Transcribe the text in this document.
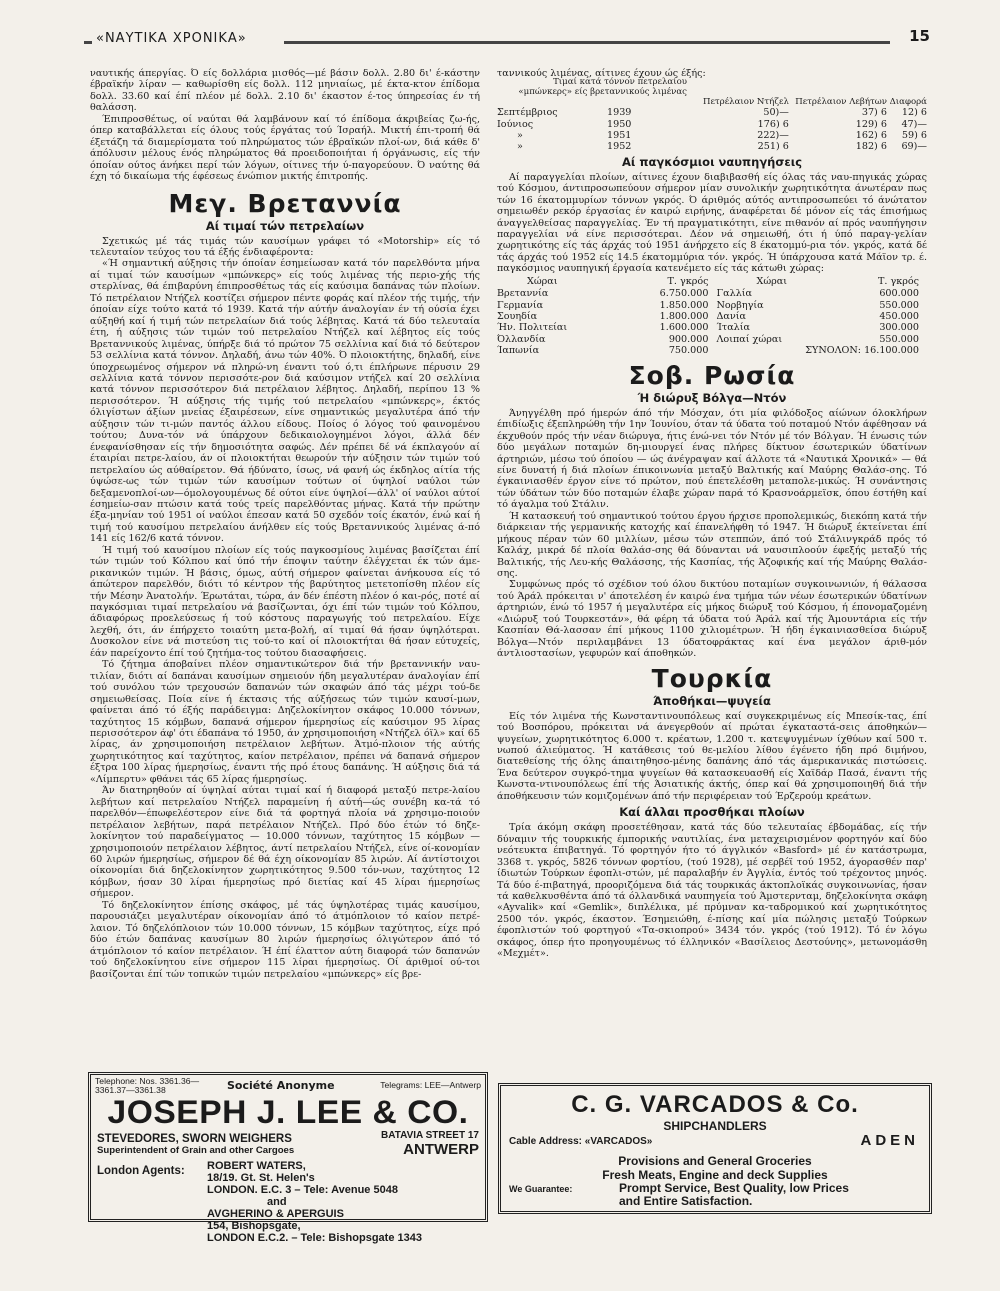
«ΝΑΥΤΙΚΑ ΧΡΟΝΙΚΑ»	15

ναυτικής άπεργίας. Ό είς δολλάρια μισθός—μέ βάσιν δολλ. 2.80 δι' έ-κάστην έβραϊκήν λίραν — καθωρίσθη είς δολλ. 112 μηνιαίως, μέ έκτα-κτον έπίδομα δολλ. 33.60 καί έπί πλέον μέ δολλ. 2.10 δι' έκαστον έ-τος ύπηρεσίας έν τή θαλάσση.

Έπιπροσθέτως, οί ναύται θά λαμβάνουν καί τό έπίδομα άκριβείας ζω-ής, όπερ καταβάλλεται είς όλους τούς έργάτας τού Ίσραήλ. Μικτή έπι-τροπή θά έξετάζη τά διαμερίσματα τού πληρώματος τών έβραϊκών πλοί-ων, διά κάθε δ' άπόλυσιν μέλους ένός πληρώματος θά προειδοποιήται ή όργάνωσις, είς τήν όποίαν ούτος άνήκει περί τών λόγων, οίτινες τήν ύ-παγορεύουν. Ό ναύτης θά έχη τό δικαίωμα τής έφέσεως ένώπιον μικτής έπιτροπής.

Μεγ. Βρεταννία
Αί τιμαί τών πετρελαίων

Σχετικώς μέ τάς τιμάς τών καυσίμων γράφει τό «Motorship» είς τό τελευταίον τεύχος του τά έξής ένδιαφέροντα:

«Ή σημαντική αύξησις τήν όποίαν έσημείωσαν κατά τόν παρελθόντα μήνα αί τιμαί τών καυσίμων «μπώνκερς» είς τούς λιμένας τής περιο-χής τής στερλίνας, θά έπιβαρύνη έπιπροσθέτως τάς είς καύσιμα δαπάνας τών πλοίων. Τό πετρέλαιον Ντήζελ κοστίζει σήμερον πέντε φοράς καί πλέον τής τιμής, τήν όποίαν είχε τούτο κατά τό 1939. Κατά τήν αύτήν άναλογίαν έν τή ούσία έχει αύξηθή καί ή τιμή τών πετρελαίων διά τούς λέβητας. Κατά τά δύο τελευταία έτη, ή αύξησις τών τιμών τού πετρελαίου Ντήζελ καί λέβητος είς τούς Βρεταννικούς λιμένας, ύπήρξε διά τό πρώτον 75 σελλίνια καί διά τό δεύτερον 53 σελλίνια κατά τόννον. Δηλαδή, άνω τών 40%. Ό πλοιοκτήτης, δηλαδή, είνε ύποχρεωμένος σήμερον νά πληρώ-νη έναντι τού ό,τι έπλήρωνε πέρυσιν 29 σελλίνια κατά τόννον περισσότε-ρον διά καύσιμον ντήζελ καί 20 σελλίνια κατά τόννον περισσότερον διά πετρέλαιον λέβητος. Δηλαδή, περίπου 13 % περισσότερον. Ή αύξησις τής τιμής τού πετρελαίου «μπώνκερς», έκτός όλιγίστων άξίων μνείας έξαιρέσεων, είνε σημαντικώς μεγαλυτέρα άπό τήν αύξησιν τών τι-μών παντός άλλου είδους. Ποίος ό λόγος τού φαινομένου τούτου; Δυνα-τόν νά ύπάρχουν δεδικαιολογημένοι λόγοι, άλλά δέν ένεφανίσθησαν είς τήν δημοσιότητα σαφώς. Δέν πρέπει δέ νά έκπλαγούν αί έταιρίαι πετρε-λαίου, άν οί πλοιοκτήται θεωρούν τήν αύξησιν τών τιμών τού πετρελαίου ώς αύθαίρετον. Θά ήδύνατο, ίσως, νά φανή ώς έκδηλος αίτία τής ύψώσε-ως τών τιμών τών καυσίμων τούτων οί ύψηλοί ναύλοι τών δεξαμενοπλοί-ων—όμολογουμένως δέ ούτοι είνε ύψηλοί—άλλ' οί ναύλοι αύτοί έσημείω-σαν πτώσιν κατά τούς τρείς παρελθόντας μήνας. Κατά τήν πρώτην έξα-μηνίαν τού 1951 οί ναύλοι έπεσαν κατά 50 σχεδόν τοίς έκατόν, ένώ καί ή τιμή τού καυσίμου πετρελαίου άνήλθεν είς τούς Βρεταννικούς λιμένας ά-πό 141 είς 162/6 κατά τόννον.

Ή τιμή τού καυσίμου πλοίων είς τούς παγκοσμίους λιμένας βασίζεται έπί τών τιμών τού Κόλπου καί ύπό τήν έποψιν ταύτην έλέγχεται έκ τών άμε-ρικανικών τιμών. Ή βάσις, όμως, αύτή σήμερον φαίνεται άνήκουσα είς τό άπώτερον παρελθόν, διότι τό κέντρον τής βαρύτητος μετετοπίσθη πλέον είς τήν Μέσην Άνατολήν. Έρωτάται, τώρα, άν δέν έπέστη πλέον ό και-ρός, ποτέ αί παγκόσμιαι τιμαί πετρελαίου νά βασίζωνται, όχι έπί τών τιμών τού Κόλπου, άδιαφόρως προελεύσεως ή τού κόστους παραγωγής τού πετρελαίου. Είχε λεχθή, ότι, άν έπήρχετο τοιαύτη μετα-βολή, αί τιμαί θά ήσαν ύψηλότεραι. Δυσκολον είνε νά πιστεύση τις τού-το καί οί πλοιοκτήται θά ήσαν εύτυχείς, έάν παρείχοντο έπί τού ζητήμα-τος τούτου διασαφήσεις.

Τό ζήτημα άποβαίνει πλέον σημαντικώτερον διά τήν βρεταννικήν ναυ-τιλίαν, διότι αί δαπάναι καυσίμων σημειούν ήδη μεγαλυτέραν άναλογίαν έπί τού συνόλου τών τρεχουσών δαπανών τών σκαφών άπό τάς μέχρι τού-δε σημειωθείσας. Ποία είνε ή έκτασις τής αύξήσεως τών τιμών καυσί-μων, φαίνεται άπό τό έξής παράδειγμα: Δηζελοκίνητον σκάφος 10.000 τόννων, ταχύτητος 15 κόμβων, δαπανά σήμερον ήμερησίως είς καύσιμον 95 λίρας περισσότερον άφ' ότι έδαπάνα τό 1950, άν χρησιμοποιήση «Ντήζελ όϊλ» καί 65 λίρας, άν χρησιμοποιήση πετρέλαιον λεβήτων. Άτμό-πλοιον τής αύτής χωρητικότητος καί ταχύτητος, καίον πετρέλαιον, πρέπει νά δαπανά σήμερον έξτρα 100 λίρας ήμερησίως, έναντι τής πρό έτους δαπάνης. Ή αύξησις διά τά «Λίμπερτυ» φθάνει τάς 65 λίρας ήμερησίως.

Άν διατηρηθούν αί ύψηλαί αύται τιμαί καί ή διαφορά μεταξύ πετρε-λαίου λεβήτων καί πετρελαίου Ντήζελ παραμείνη ή αύτή—ώς συνέβη κα-τά τό παρελθόν—έπωφελέστερον είνε διά τά φορτηγά πλοία νά χρησιμο-ποιούν πετρέλαιον λεβήτων, παρά πετρέλαιον Ντήζελ. Πρό δύο έτών τό δηζε-λοκίνητον τού παραδείγματος — 10.000 τόννων, ταχύτητος 15 κόμβων —χρησιμοποιούν πετρέλαιον λέβητος, άντί πετρελαίου Ντήζελ, είνε οί-κονομίαν 60 λιρών ήμερησίως, σήμερον δέ θά έχη οίκονομίαν 85 λιρών. Αί άντίστοιχοι οίκονομίαι διά δηζελοκίνητον χωρητικότητος 9.500 τόν-νων, ταχύτητος 12 κόμβων, ήσαν 30 λίραι ήμερησίως πρό διετίας καί 45 λίραι ήμερησίως σήμερον.

Τό δηζελοκίνητον έπίσης σκάφος, μέ τάς ύψηλοτέρας τιμάς καυσίμου, παρουσιάζει μεγαλυτέραν οίκονομίαν άπό τό άτμόπλοιον τό καίον πετρέ-λαιον. Τό δηζελόπλοιον τών 10.000 τόννων, 15 κόμβων ταχύτητος, είχε πρό δύο έτών δαπάνας καυσίμων 80 λιρών ήμερησίως όλιγώτερον άπό τό άτμόπλοιον τό καίον πετρέλαιον. Ή έπί έλαττον αύτη διαφορά τών δαπανών τού δηζελοκίνητου είνε σήμερον 115 λίραι ήμερησίως. Οί άριθμοί ού-τοι βασίζονται έπί τών τοπικών τιμών πετρελαίου «μπώνκερς» είς βρε-

ταννικούς λιμένας, αίτινες έχουν ώς έξής:

Τιμαί κατά τόννον πετρελαίου «μπώνκερς» είς βρεταννικούς λιμένας
		Πετρέλαιον Ντήζελ	Πετρέλαιον Λεβήτων	Διαφορά
Σεπτέμβριος	1939	50)—	37) 6	12) 6
Ιούνιος	1950	176) 6	129) 6	47)—
»	1951	222)—	162) 6	59) 6
»	1952	251) 6	182) 6	69)—
Αί παγκόσμιοι ναυπηγήσεις

Αί παραγγελίαι πλοίων, αίτινες έχουν διαβιβασθή είς όλας τάς ναυ-πηγικάς χώρας τού Κόσμου, άντιπροσωπεύουν σήμερον μίαν συνολικήν χωρητικότητα άνωτέραν πως τών 16 έκατομμυρίων τόννων γκρός. Ό άριθμός αύτός αντιπροσωπεύει τό άνώτατον σημειωθέν ρεκόρ έργασίας έν καιρώ ειρήνης, άναφέρεται δέ μόνον είς τάς έπισήμως άναγγελθείσας παραγγελίας. Έν τή πραγματικότητι, είνε πιθανόν αί πρός ναυπήγησιν παραγγελίαι νά είνε περισσότεραι. Δέον νά σημειωθή, ότι ή ύπό παραγ-γελίαν χωρητικότης είς τάς άρχάς τού 1951 άνήρχετο είς 8 έκατομμύ-ρια τόν. γκρός, κατά δέ τάς άρχάς τού 1952 είς 14.5 έκατομμύρια τόν. γκρός. Ή ύπάρχουσα κατά Μάϊον τρ. έ. παγκόσμιος ναυπηγική έργασία κατενέμετο είς τάς κάτωθι χώρας:

Χώραι	Τ. γκρός	Χώραι	Τ. γκρός
Βρεταννία	6.750.000	Γαλλία	600.000
Γερμανία	1.850.000	Νορβηγία	550.000
Σουηδία	1.800.000	Δανία	450.000
Ήν. Πολιτείαι	1.600.000	Ίταλία	300.000
Όλλανδία	900.000	Λοιπαί χώραι	550.000
Ίαπωνία	750.000	ΣΥΝΟΛΟΝ: 16.100.000	
Σοβ. Ρωσία
Ή διώρυξ Βόλγα—Ντόν

Άνηγγέλθη πρό ήμερών άπό τήν Μόσχαν, ότι μία φιλόδοξος αίώνων όλοκλήρων έπιδίωξις έξεπληρώθη τήν 1ην Ίουνίου, όταν τά ύδατα τού ποταμού Ντόν άφέθησαν νά έκχυθούν πρός τήν νέαν διώρυγα, ήτις ένώ-νει τόν Ντόν μέ τόν Βόλγαν. Ή ένωσις τών δύο μεγάλων ποταμών δη-μιουργεί ένας πλήρες δίκτυον έσωτερικών ύδατίνων άρτηριών, μέσω τού όποίου — ώς άνέγραψαν καί άλλοτε τά «Ναυτικά Χρονικά» — θά είνε δυνατή ή διά πλοίων έπικοινωνία μεταξύ Βαλτικής καί Μαύρης Θαλάσ-σης. Τό έγκαινιασθέν έργον είνε τό πρώτον, πού έπετελέσθη μεταπολε-μικώς. Ή συνάντησις τών ύδάτων τών δύο ποταμών έλαβε χώραν παρά τό Κρασνοάρμεϊσκ, όπου έστήθη καί τό άγαλμα τού Στάλιν.

Ή κατασκευή τού σημαντικού τούτου έργου ήρχισε προπολεμικώς, διεκόπη κατά τήν διάρκειαν τής γερμανικής κατοχής καί έπανελήφθη τό 1947. Ή διώρυξ έκτείνεται έπί μήκους πέραν τών 60 μιλλίων, μέσω τών στεππών, άπό τού Στάλινγκράδ πρός τό Καλάχ, μικρά δέ πλοία θαλάσ-σης θά δύνανται νά ναυσιπλοούν έφεξής μεταξύ τής Βαλτικής, τής Λευ-κής Θαλάσσης, τής Κασπίας, τής Άζοφικής καί τής Μαύρης Θαλάσ-σης.

Συμφώνως πρός τό σχέδιον τού όλου δικτύου ποταμίων συγκοινωνιών, ή θάλασσα τού Άράλ πρόκειται ν' άποτελέση έν καιρώ ένα τμήμα τών νέων έσωτερικών ύδατίνων άρτηριών, ένώ τό 1957 ή μεγαλυτέρα είς μήκος διώρυξ τού Κόσμου, ή έπονομαζομένη «Διώρυξ τού Τουρκεστάν», θά φέρη τά ύδατα τού Άράλ καί τής Άμουντάρια είς τήν Κασπίαν Θά-λασσαν έπί μήκους 1100 χιλιομέτρων. Ή ήδη έγκαινιασθείσα διώρυξ Βόλγα—Ντόν περιλαμβάνει 13 ύδατοφράκτας καί ένα μεγάλον άριθ-μόν άντλιοστασίων, γεφυρών καί άποθηκών.

Τουρκία
Άποθήκαι—ψυγεία

Είς τόν λιμένα τής Κωνσταντινουπόλεως καί συγκεκριμένως είς Μπεσίκ-τας, έπί τού Βοσπόρου, πρόκειται νά άνεγερθούν αί πρώται έγκαταστά-σεις άποθηκών—ψυγείων, χωρητικότητος 6.000 τ. κρέατων, 1.200 τ. κατεψυγμένων ίχθύων καί 500 τ. νωπού άλιεύματος. Ή κατάθεσις τού θε-μελίου λίθου έγένετο ήδη πρό διμήνου, διατεθείσης τής όλης άπαιτηθησο-μένης δαπάνης άπό τάς άμερικανικάς πιστώσεις. Ένα δεύτερον συγκρό-τημα ψυγείων θά κατασκευασθή είς Χαϊδάρ Πασά, έναντι τής Κωνστα-ντινουπόλεως έπί τής Άσιατικής άκτής, όπερ καί θά χρησιμοποιηθή διά τήν άποθήκευσιν τών κομιζομένων άπό τήν περιφέρειαν τού Έρζερούμ κρεάτων.

Καί άλλαι προσθήκαι πλοίων

Τρία άκόμη σκάφη προσετέθησαν, κατά τάς δύο τελευταίας έβδομάδας, είς τήν δύναμιν τής τουρκικής έμπορικής ναυτιλίας, ένα μεταχειρισμένον φορτηγόν καί δύο νεότευκτα έπιβατηγά. Τό φορτηγόν ήτο τό άγγλικόν «Basford» μέ έν κατάστρωμα, 3368 τ. γκρός, 5826 τόννων φορτίου, (τού 1928), μέ σερβέϊ τού 1952, άγορασθέν παρ' ίδιωτών Τούρκων έφοπλι-στών, μέ παραλαβήν έν Άγγλία, έντός τού τρέχοντος μηνός. Τά δύο έ-πιβατηγά, προοριζόμενα διά τάς τουρκικάς άκτοπλοϊκάς συγκοινωνίας, ήσαν τά καθελκυσθέντα άπό τά όλλανδικά ναυπηγεία τού Άμστερνταμ, δηζελοκίνητα σκάφη «Ayvalik» καί «Gemlik», διπλέλικα, μέ πρύμναν κα-ταδρομικού καί χωρητικότητος 2500 τόν. γκρός, έκαστον. Έσημειώθη, έ-πίσης καί μία πώλησις μεταξύ Τούρκων έφοπλιστών τού φορτηγού «Τα-σκιοπρού» 3434 τόν. γκρός (τού 1912). Τό έν λόγω σκάφος, όπερ ήτο προηγουμένως τό έλληνικόν «Βασίλειος Δεστούνης», μετωνομάσθη «Μεχμέτ».

Telephone: Nos. 3361.36—3361.37—3361.38	Société Anonyme	Telegrams: LEE—Antwerp
JOSEPH J. LEE & CO.
STEVEDORES, SWORN WEIGHERS	BATAVIA STREET 17
Superintendent of Grain and other Cargoes	ANTWERP
London Agents: ROBERT WATERS,
18/19. Gt. St. Helen's
LONDON. E.C. 3 – Tele: Avenue 5048
and
AVGHERINO & APERGUIS
154, Bishopsgate,
LONDON E.C.2. – Tele: Bishopsgate 1343
C. G. VARCADOS & Co.
SHIPCHANDLERS
Cable Address: «VARCADOS»	ADEN
Provisions and General Groceries
Fresh Meats, Engine and deck Supplies
We Guarantee:	Prompt Service, Best Quality, low Prices
and Entire Satisfaction.
